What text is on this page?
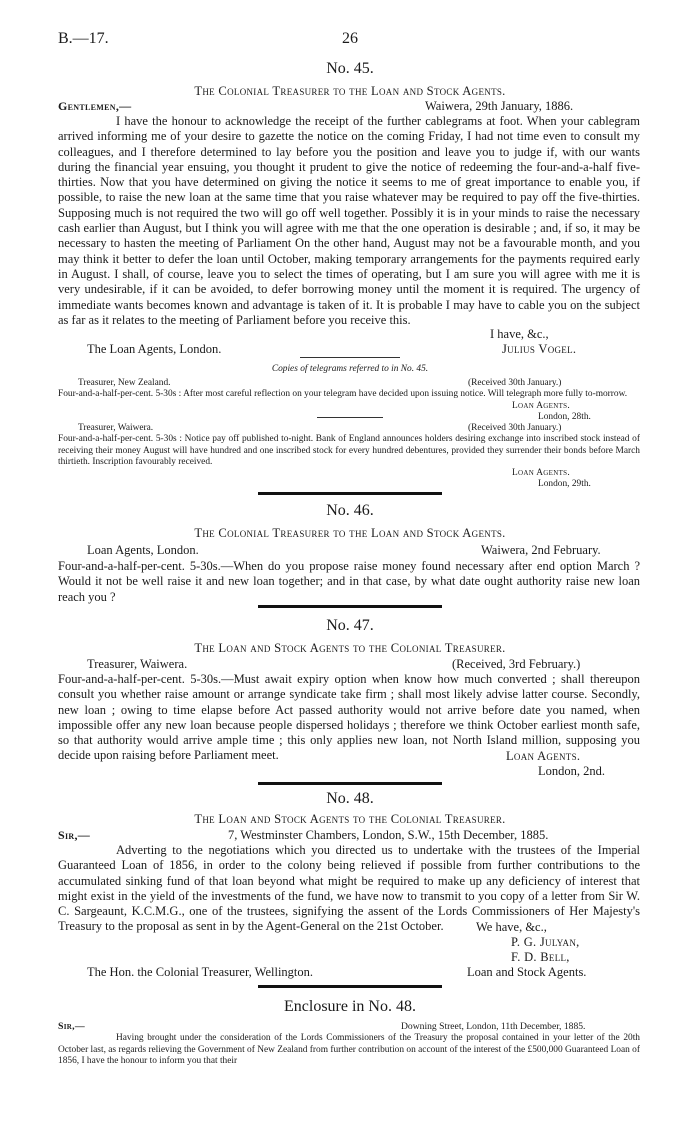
B.—17.	26
No. 45.
The Colonial Treasurer to the Loan and Stock Agents.
Gentlemen,—	Waiwera, 29th January, 1886.
I have the honour to acknowledge the receipt of the further cablegrams at foot. When your cablegram arrived informing me of your desire to gazette the notice on the coming Friday, I had not time even to consult my colleagues, and I therefore determined to lay before you the position and leave you to judge if, with our wants during the financial year ensuing, you thought it prudent to give the notice of redeeming the four-and-a-half five-thirties. Now that you have determined on giving the notice it seems to me of great importance to enable you, if possible, to raise the new loan at the same time that you raise whatever may be required to pay off the five-thirties. Supposing much is not required the two will go off well together. Possibly it is in your minds to raise the necessary cash earlier than August, but I think you will agree with me that the one operation is desirable ; and, if so, it may be necessary to hasten the meeting of Parliament On the other hand, August may not be a favourable month, and you may think it better to defer the loan until October, making temporary arrangements for the payments required early in August. I shall, of course, leave you to select the times of operating, but I am sure you will agree with me it is very undesirable, if it can be avoided, to defer borrowing money until the moment it is required. The urgency of immediate wants becomes known and advantage is taken of it. It is probable I may have to cable you on the subject as far as it relates to the meeting of Parliament before you receive this.
I have, &c.,
The Loan Agents, London.	Julius Vogel.
Copies of telegrams referred to in No. 45.
Treasurer, New Zealand.	(Received 30th January.)
Four-and-a-half-per-cent. 5-30s : After most careful reflection on your telegram have decided upon issuing notice. Will telegraph more fully to-morrow.
Loan Agents.
London, 28th.
Treasurer, Waiwera.	(Received 30th January.)
Four-and-a-half-per-cent. 5-30s : Notice pay off published to-night. Bank of England announces holders desiring exchange into inscribed stock instead of receiving their money August will have hundred and one inscribed stock for every hundred debentures, provided they surrender their bonds before March thirtieth. Inscription favourably received.
Loan Agents.
London, 29th.
No. 46.
The Colonial Treasurer to the Loan and Stock Agents.
Loan Agents, London.	Waiwera, 2nd February.
Four-and-a-half-per-cent. 5-30s.—When do you propose raise money found necessary after end option March ? Would it not be well raise it and new loan together; and in that case, by what date ought authority raise new loan reach you ?
No. 47.
The Loan and Stock Agents to the Colonial Treasurer.
Treasurer, Waiwera.	(Received, 3rd February.)
Four-and-a-half-per-cent. 5-30s.—Must await expiry option when know how much converted ; shall thereupon consult you whether raise amount or arrange syndicate take firm ; shall most likely advise latter course. Secondly, new loan ; owing to time elapse before Act passed authority would not arrive before date you named, when impossible offer any new loan because people dispersed holidays ; therefore we think October earliest month safe, so that authority would arrive ample time ; this only applies new loan, not North Island million, supposing you decide upon raising before Parliament meet.	Loan Agents.
London, 2nd.
No. 48.
The Loan and Stock Agents to the Colonial Treasurer.
Sir,—	7, Westminster Chambers, London, S.W., 15th December, 1885.
Adverting to the negotiations which you directed us to undertake with the trustees of the Imperial Guaranteed Loan of 1856, in order to the colony being relieved if possible from further contributions to the accumulated sinking fund of that loan beyond what might be required to make up any deficiency of interest that might exist in the yield of the investments of the fund, we have now to transmit to you copy of a letter from Sir W. C. Sargeaunt, K.C.M.G., one of the trustees, signifying the assent of the Lords Commissioners of Her Majesty's Treasury to the proposal as sent in by the Agent-General on the 21st October.	We have, &c.,
P. G. Julyan,
F. D. Bell,
The Hon. the Colonial Treasurer, Wellington.	Loan and Stock Agents.
Enclosure in No. 48.
Sir,—	Downing Street, London, 11th December, 1885.
Having brought under the consideration of the Lords Commissioners of the Treasury the proposal contained in your letter of the 20th October last, as regards relieving the Government of New Zealand from further contribution on account of the interest of the £500,000 Guaranteed Loan of 1856, I have the honour to inform you that their
